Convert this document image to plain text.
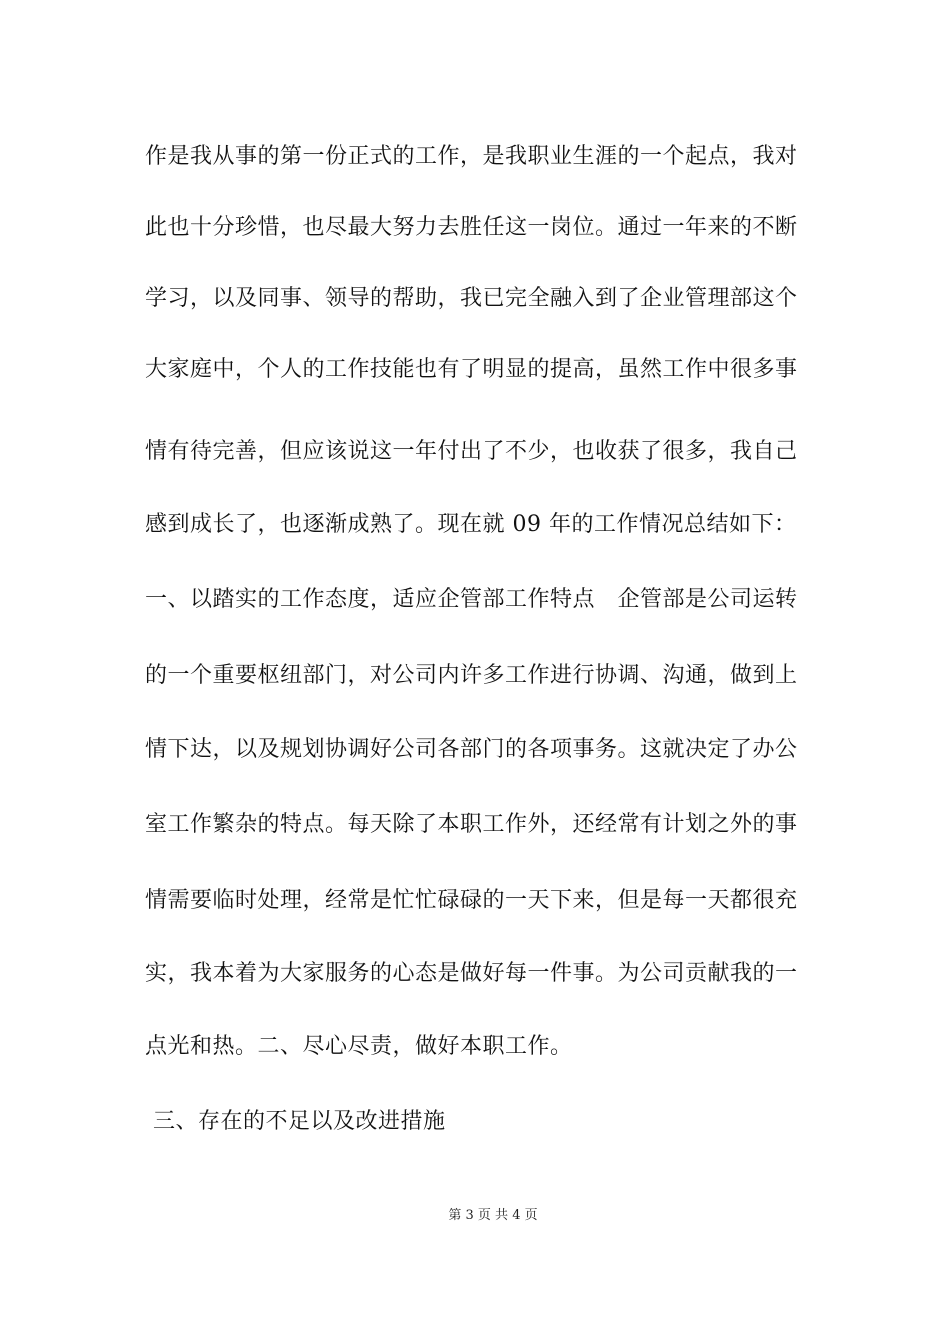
作是我从事的第一份正式的工作，是我职业生涯的一个起点，我对
此也十分珍惜，也尽最大努力去胜任这一岗位。通过一年来的不断
学习，以及同事、领导的帮助，我已完全融入到了企业管理部这个
大家庭中，个人的工作技能也有了明显的提高，虽然工作中很多事
情有待完善，但应该说这一年付出了不少，也收获了很多，我自己
感到成长了，也逐渐成熟了。现在就 09 年的工作情况总结如下：
一、以踏实的工作态度，适应企管部工作特点　企管部是公司运转
的一个重要枢纽部门，对公司内许多工作进行协调、沟通，做到上
情下达，以及规划协调好公司各部门的各项事务。这就决定了办公
室工作繁杂的特点。每天除了本职工作外，还经常有计划之外的事
情需要临时处理，经常是忙忙碌碌的一天下来，但是每一天都很充
实，我本着为大家服务的心态是做好每一件事。为公司贡献我的一
点光和热。二、尽心尽责，做好本职工作。
三、存在的不足以及改进措施
第 3 页 共 4 页
